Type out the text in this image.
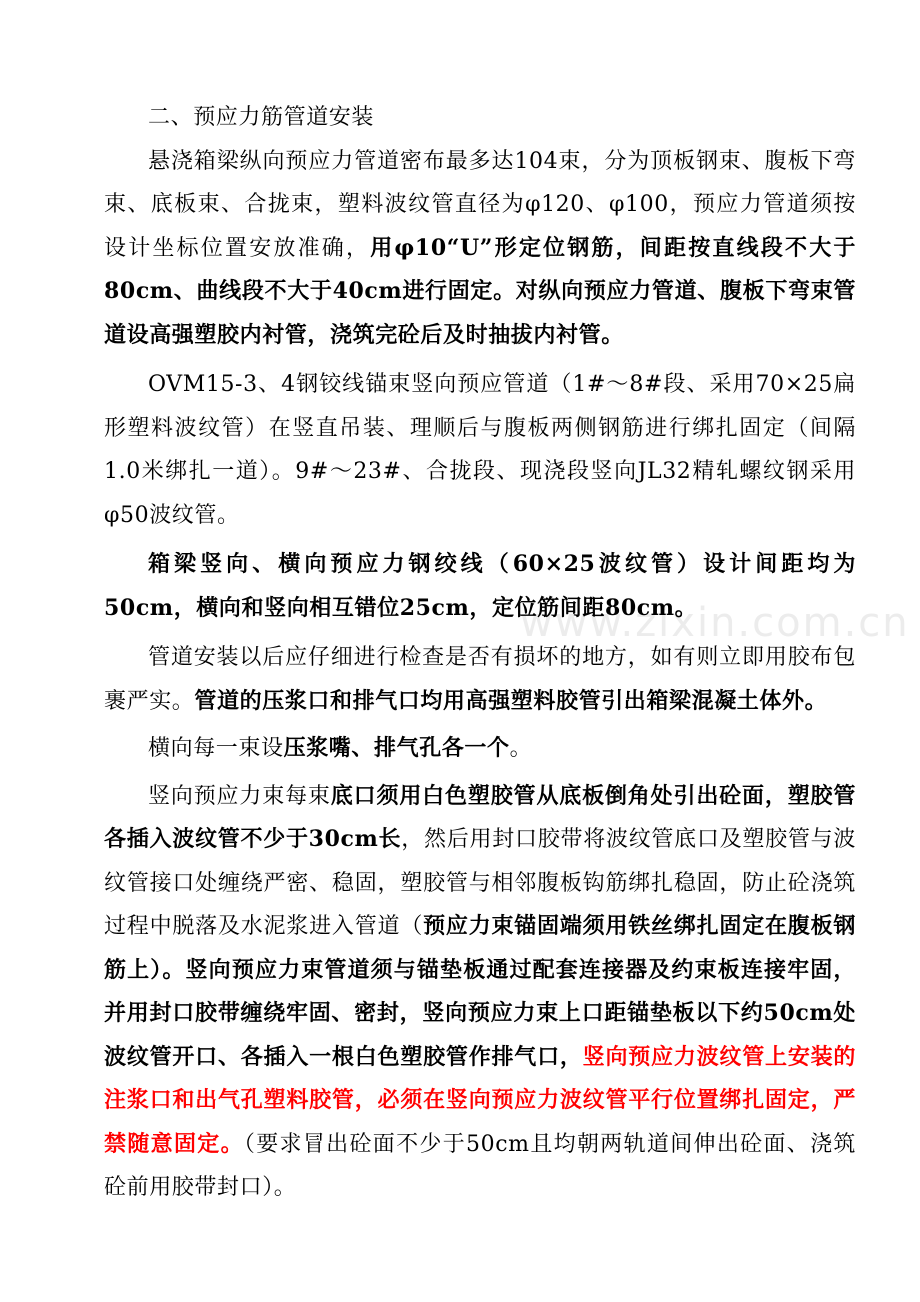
www.zixin.com.cn

二、预应力筋管道安装

悬浇箱梁纵向预应力管道密布最多达104束，分为顶板钢束、腹板下弯束、底板束、合拢束，塑料波纹管直径为φ120、φ100，预应力管道须按设计坐标位置安放准确，用φ10“U”形定位钢筋，间距按直线段不大于80cm、曲线段不大于40cm进行固定。对纵向预应力管道、腹板下弯束管道设高强塑胶内衬管，浇筑完砼后及时抽拔内衬管。

OVM15-3、4钢铰线锚束竖向预应管道（1#～8#段、采用70×25扁形塑料波纹管）在竖直吊装、理顺后与腹板两侧钢筋进行绑扎固定（间隔1.0米绑扎一道）。9#～23#、合拢段、现浇段竖向JL32精轧螺纹钢采用φ50波纹管。

箱梁竖向、横向预应力钢绞线（60×25波纹管）设计间距均为50cm，横向和竖向相互错位25cm，定位筋间距80cm。

管道安装以后应仔细进行检查是否有损坏的地方，如有则立即用胶布包裹严实。管道的压浆口和排气口均用高强塑料胶管引出箱梁混凝土体外。

横向每一束设压浆嘴、排气孔各一个。

竖向预应力束每束底口须用白色塑胶管从底板倒角处引出砼面，塑胶管各插入波纹管不少于30cm长，然后用封口胶带将波纹管底口及塑胶管与波纹管接口处缠绕严密、稳固，塑胶管与相邻腹板钩筋绑扎稳固，防止砼浇筑过程中脱落及水泥浆进入管道（预应力束锚固端须用铁丝绑扎固定在腹板钢筋上）。竖向预应力束管道须与锚垫板通过配套连接器及约束板连接牢固，并用封口胶带缠绕牢固、密封，竖向预应力束上口距锚垫板以下约50cm处波纹管开口、各插入一根白色塑胶管作排气口，竖向预应力波纹管上安装的注浆口和出气孔塑料胶管，必须在竖向预应力波纹管平行位置绑扎固定，严禁随意固定。（要求冒出砼面不少于50cm且均朝两轨道间伸出砼面、浇筑砼前用胶带封口）。
